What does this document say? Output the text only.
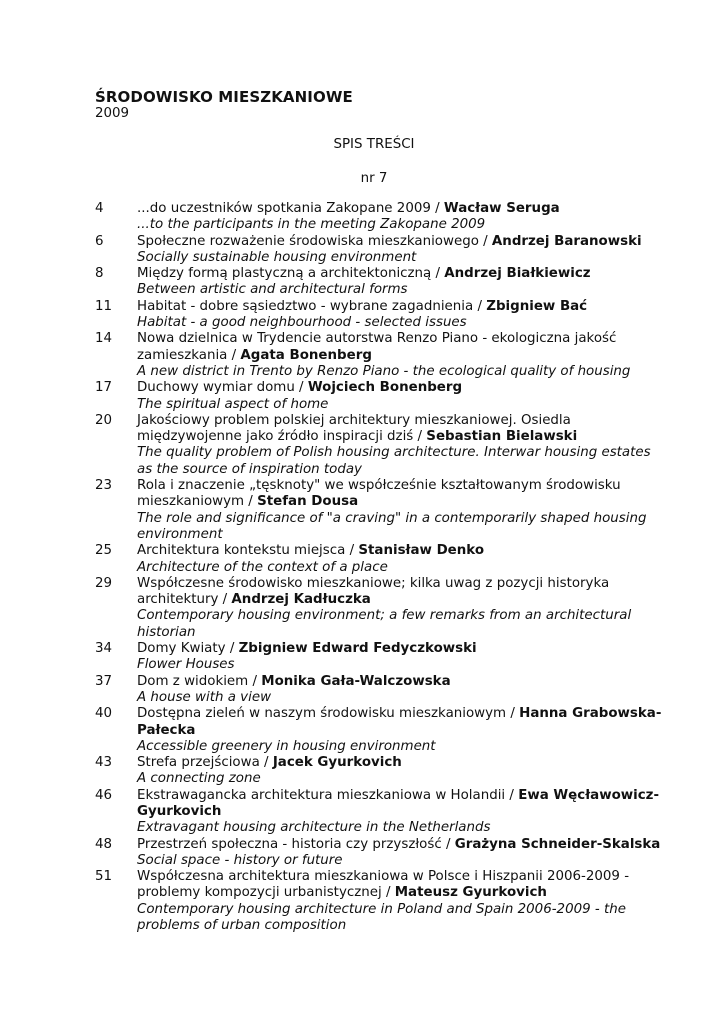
ŚRODOWISKO MIESZKANIOWE
2009
SPIS TREŚCI
nr 7
4	...do uczestników spotkania Zakopane 2009 / Wacław Seruga
...to the participants in the meeting Zakopane 2009
6	Społeczne rozważenie środowiska mieszkaniowego / Andrzej Baranowski
Socially sustainable housing environment
8	Między formą plastyczną a architektoniczną / Andrzej Białkiewicz
Between artistic and architectural forms
11	Habitat - dobre sąsiedztwo - wybrane zagadnienia / Zbigniew Bać
Habitat - a good neighbourhood - selected issues
14	Nowa dzielnica w Trydencie autorstwa Renzo Piano - ekologiczna jakość zamieszkania / Agata Bonenberg
A new district in Trento by Renzo Piano - the ecological quality of housing
17	Duchowy wymiar domu / Wojciech Bonenberg
The spiritual aspect of home
20	Jakościowy problem polskiej architektury mieszkaniowej. Osiedla międzywojenne jako źródło inspiracji dziś / Sebastian Bielawski
The quality problem of Polish housing architecture. Interwar housing estates as the source of inspiration today
23	Rola i znaczenie „tęsknoty" we współcześnie kształtowanym środowisku mieszkaniowym / Stefan Dousa
The role and significance of "a craving" in a contemporarily shaped housing environment
25	Architektura kontekstu miejsca / Stanisław Denko
Architecture of the context of a place
29	Współczesne środowisko mieszkaniowe; kilka uwag z pozycji historyka architektury / Andrzej Kadłuczka
Contemporary housing environment; a few remarks from an architectural historian
34	Domy Kwiaty / Zbigniew Edward Fedyczkowski
Flower Houses
37	Dom z widokiem / Monika Gała-Walczowska
A house with a view
40	Dostępna zieleń w naszym środowisku mieszkaniowym / Hanna Grabowska-Pałecka
Accessible greenery in housing environment
43	Strefa przejściowa / Jacek Gyurkovich
A connecting zone
46	Ekstrawagancka architektura mieszkaniowa w Holandii / Ewa Węcławowicz-Gyurkovich
Extravagant housing architecture in the Netherlands
48	Przestrzeń społeczna - historia czy przyszłość / Grażyna Schneider-Skalska
Social space - history or future
51	Współczesna architektura mieszkaniowa w Polsce i Hiszpanii 2006-2009 - problemy kompozycji urbanistycznej / Mateusz Gyurkovich
Contemporary housing architecture in Poland and Spain 2006-2009 - the problems of urban composition
